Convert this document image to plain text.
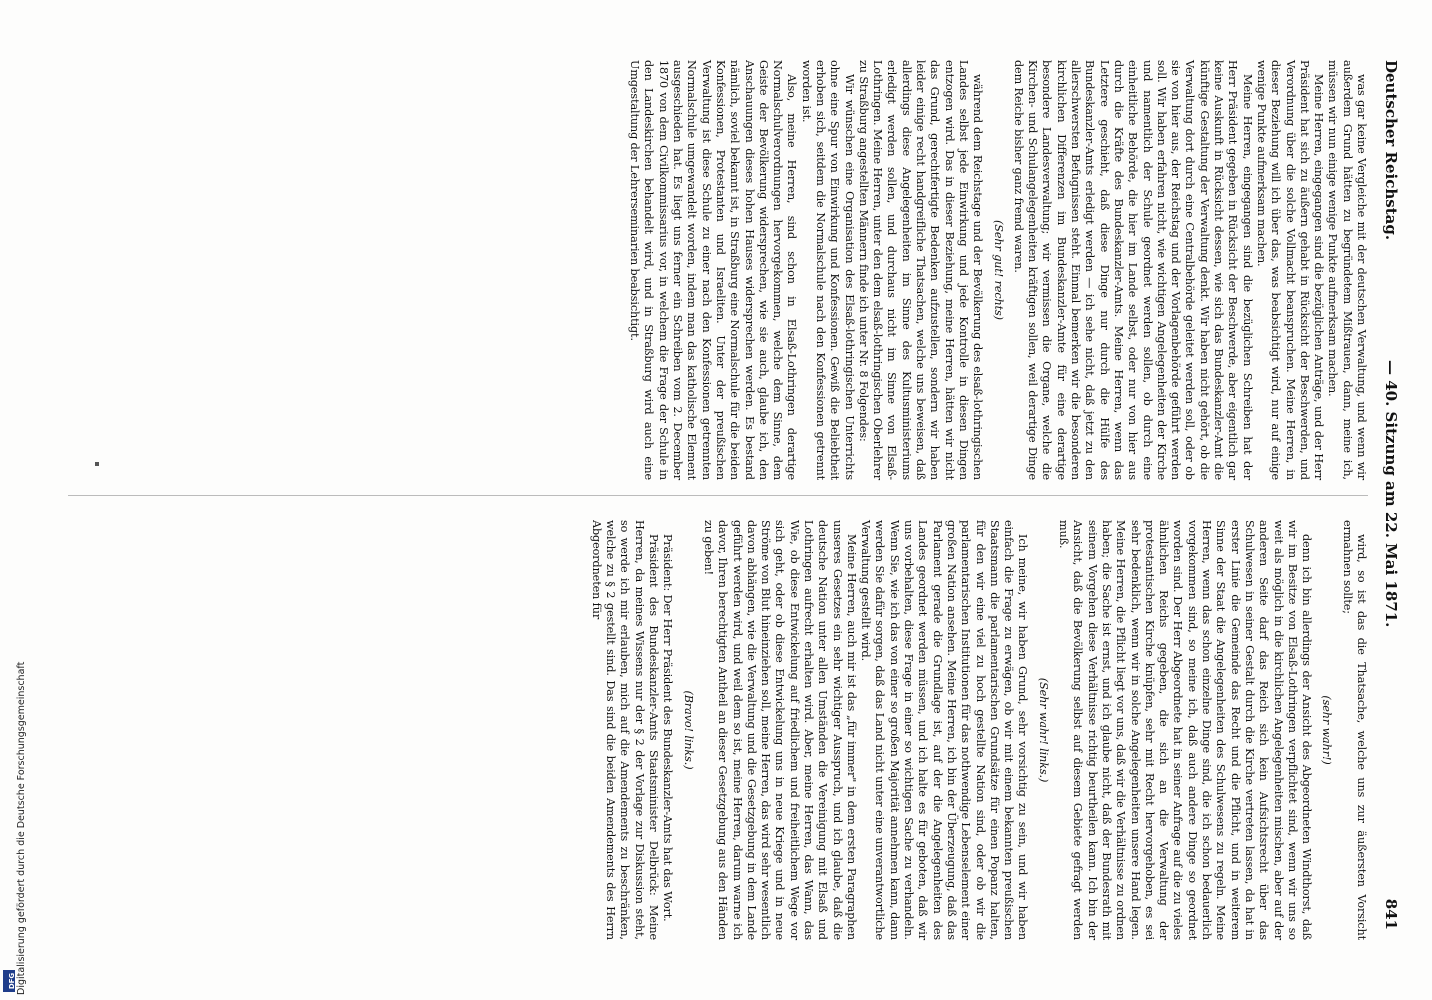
Digitalisierung gefördert durch die Deutsche Forschungsgemeinschaft
DFG
Deutscher Reichstag.
— 40. Sitzung am 22. Mai 1871.
841

was gar keine Vergleiche mit der deutschen Verwaltung, und wenn wir außerdem Grund hätten zu begründetem Mißtrauen, dann, meine ich, müssen wir nun einige wenige Punkte aufmerksam machen.

Meine Herren, eingegangen sind die bezüglichen Anträge, und der Herr Präsident hat sich zu äußern gehabt in Rücksicht der Beschwerden, und Verordnung über die solche Vollmacht beanspruchen. Meine Herren, in dieser Beziehung will ich über das, was beabsichtigt wird, nur auf einige wenige Punkte aufmerksam machen.

Meine Herren, eingegangen sind die bezüglichen Schreiben hat der Herr Präsident gegeben in Rücksicht der Beschwerde, aber eigentlich gar keine Auskunft in Rücksicht dessen, wie sich das Bundeskanzler-Amt die künftige Gestaltung der Verwaltung denkt. Wir haben nicht gehört, ob die Verwaltung dort durch eine Centralbehörde geleitet werden soll, oder ob sie von hier aus, der Reichstag und der Vorlagenbehörde geführt werden soll. Wir haben erfahren nicht, wie wichtigen Angelegenheiten der Kirche und namentlich der Schule geordnet werden sollen, ob durch eine einheitliche Behörde, die hier im Lande selbst, oder nur von hier aus durch die Kräfte des Bundeskanzler-Amts. Meine Herren, wenn das Letztere geschieht, daß diese Dinge nur durch die Hülfe des Bundeskanzler-Amts erledigt werden — ich sehe nicht, daß jetzt zu den allerschwersten Befugnissen steht. Einmal bemerken wir die besonderen kirchlichen Differenzen im Bundeskanzler-Amte für eine derartige besondere Landesverwaltung; wir vermissen die Organe, welche die Kirchen- und Schulangelegenheiten kräftigen sollen, weil derartige Dinge dem Reiche bisher ganz fremd waren.

(Sehr gut! rechts)

während dem Reichstage und der Bevölkerung des elsaß-lothringischen Landes selbst jede Einwirkung und jede Kontrolle in diesen Dingen entzogen wird. Das in dieser Beziehung, meine Herren, hätten wir nicht das Grund, gerechtfertigte Bedenken aufzustellen, sondern wir haben leider einige recht handgreifliche Thatsachen, welche uns beweisen, daß allerdings diese Angelegenheiten im Sinne des Kultusministeriums erledigt werden sollen, und durchaus nicht im Sinne von Elsaß-Lothringen. Meine Herren, unter den dem elsaß-lothringischen Oberlehrer zu Straßburg angestellten Männern finde ich unter Nr. 8 Folgendes:

Wir wünschen eine Organisation des Elsaß-lothringischen Unterrichts ohne eine Spur von Einwirkung und Konfessionen. Gewiß die Beliebtheit erhoben sich, seitdem die Normalschule nach den Konfessionen getrennt worden ist.

Also, meine Herren, sind schon in Elsaß-Lothringen derartige Normalschulverordnungen hervorgekommen, welche dem Sinne, dem Geiste der Bevölkerung widersprechen, wie sie auch, glaube ich, den Anschauungen dieses hohen Hauses widersprechen werden. Es bestand nämlich, soviel bekannt ist, in Straßburg eine Normalschule für die beiden Konfessionen, Protestanten und Israeliten. Unter der preußischen Verwaltung ist diese Schule zu einer nach den Konfessionen getrennten Normalschule umgewandelt worden, indem man das katholische Element ausgeschieden hat. Es liegt uns ferner ein Schreiben vom 2. December 1870 von dem Civilkommissarius vor, in welchem die Frage der Schule in den Landeskirchen behandelt wird, und in Straßburg wird auch eine Umgestaltung der Lehrerseminarien beabsichtigt.

wird, so ist das die Thatsache, welche uns zur äußersten Vorsicht ermahnen sollte;

(sehr wahr!)

denn ich bin allerdings der Ansicht des Abgeordneten Windthorst, daß wir im Besitze von Elsaß-Lothringen verpflichtet sind, wenn wir uns so weit als möglich in die kirchlichen Angelegenheiten mischen, aber auf der anderen Seite darf das Reich sich kein Aufsichtsrecht über das Schulwesen in seiner Gestalt durch die Kirche vertreten lassen, da hat in erster Linie die Gemeinde das Recht und die Pflicht, und in weiterem Sinne der Staat die Angelegenheiten des Schulwesens zu regeln. Meine Herren, wenn das schon einzelne Dinge sind, die ich schon bedauerlich vorgekommen sind, so meine ich, daß auch andere Dinge so geordnet worden sind. Der Herr Abgeordnete hat in seiner Anfrage auf die zu vieles ähnlichen Reichs gegeben, die sich an die Verwaltung der protestantischen Kirche knüpfen, sehr mit Recht hervorgehoben, es sei sehr bedenklich, wenn wir in solche Angelegenheiten unsere Hand legen. Meine Herren, die Pflicht liegt vor uns, daß wir die Verhältnisse zu ordnen haben; die Sache ist ernst, und ich glaube nicht, daß der Bundesrath mit seinem Vorgehen diese Verhältnisse richtig beurtheilen kann. Ich bin der Ansicht, daß die Bevölkerung selbst auf diesem Gebiete gefragt werden muß.

(Sehr wahr! links.)

Ich meine, wir haben Grund, sehr vorsichtig zu sein, und wir haben einfach die Frage zu erwägen, ob wir mit einem bekannten preußischen Staatsmann die parlamentarischen Grundsätze für einen Popanz halten, für den wir eine viel zu hoch gestellte Nation sind, oder ob wir die parlamentarischen Institutionen für das nothwendige Lebenselement einer großen Nation ansehen. Meine Herren, ich bin der Überzeugung, daß das Parlament gerade die Grundlage ist, auf der die Angelegenheiten des Landes geordnet werden müssen, und ich halte es für geboten, daß wir uns vorbehalten, diese Frage in einer so wichtigen Sache zu verhandeln. Wenn Sie, wie ich das von einer so großen Majorität annehmen kann, dann werden Sie dafür sorgen, daß das Land nicht unter eine unverantwortliche Verwaltung gestellt wird.

Meine Herren, auch mir ist das „für immer" in dem ersten Paragraphen unseres Gesetzes ein sehr wichtiger Ausspruch, und ich glaube, daß die deutsche Nation unter allen Umständen die Vereinigung mit Elsaß und Lothringen aufrecht erhalten wird. Aber, meine Herren, das Wann, das Wie, ob diese Entwickelung auf friedlichem und freiheitlichem Wege vor sich geht, oder ob diese Entwickelung uns in neue Kriege und in neue Ströme von Blut hineinziehen soll, meine Herren, das wird sehr wesentlich davon abhängen, wie die Verwaltung und die Gesetzgebung in dem Lande geführt werden wird, und weil dem so ist, meine Herren, darum warne ich davor, Ihren berechtigten Antheil an dieser Gesetzgebung aus den Händen zu geben!

(Bravo! links.)

Präsident: Der Herr Präsident des Bundeskanzler-Amts hat das Wort.

Präsident des Bundeskanzler-Amts Staatsminister Delbrück: Meine Herren, da meines Wissens nur der § 2 der Vorlage zur Diskussion steht, so werde ich mir erlauben, mich auf die Amendements zu beschränken, welche zu § 2 gestellt sind. Das sind die beiden Amendements des Herrn Abgeordneten für
